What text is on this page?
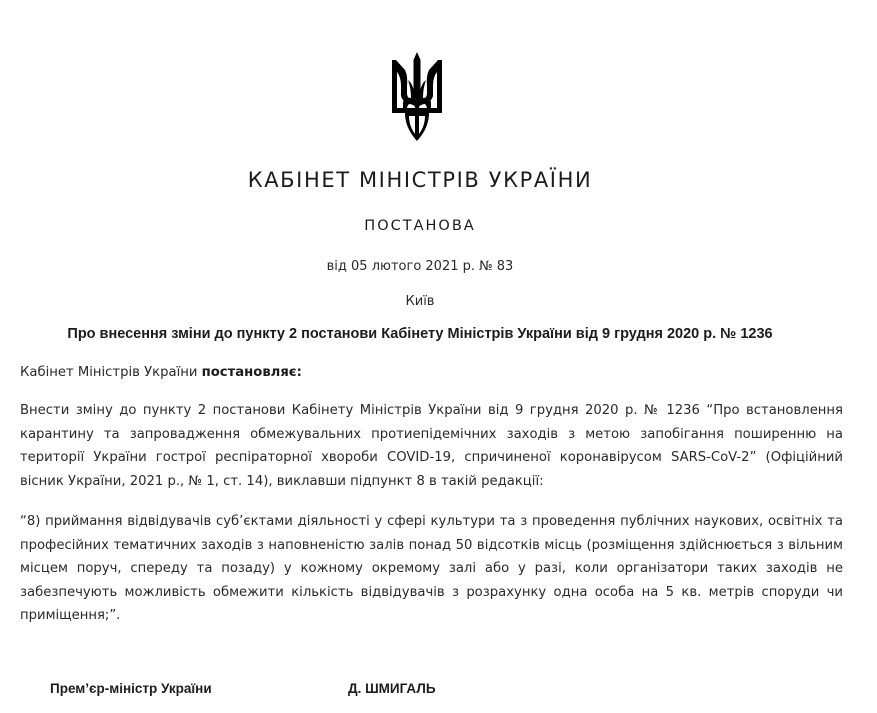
КАБІНЕТ МІНІСТРІВ УКРАЇНИ
ПОСТАНОВА
від 05 лютого 2021 р. № 83
Київ
Про внесення зміни до пункту 2 постанови Кабінету Міністрів України від 9 грудня 2020 р. № 1236
Кабінет Міністрів України постановляє:
Внести зміну до пункту 2 постанови Кабінету Міністрів України від 9 грудня 2020 р. № 1236 “Про встановлення карантину та запровадження обмежувальних протиепідемічних заходів з метою запобігання поширенню на території України гострої респіраторної хвороби COVID-19, спричиненої коронавірусом SARS-CoV-2” (Офіційний вісник України, 2021 р., № 1, ст. 14), виклавши підпункт 8 в такій редакції:
“8) приймання відвідувачів суб’єктами діяльності у сфері культури та з проведення публічних наукових, освітніх та професійних тематичних заходів з наповненістю залів понад 50 відсотків місць (розміщення здійснюється з вільним місцем поруч, спереду та позаду) у кожному окремому залі або у разі, коли організатори таких заходів не забезпечують можливість обмежити кількість відвідувачів з розрахунку одна особа на 5 кв. метрів споруди чи приміщення;”.
Прем’єр-міністр України	Д. ШМИГАЛЬ
